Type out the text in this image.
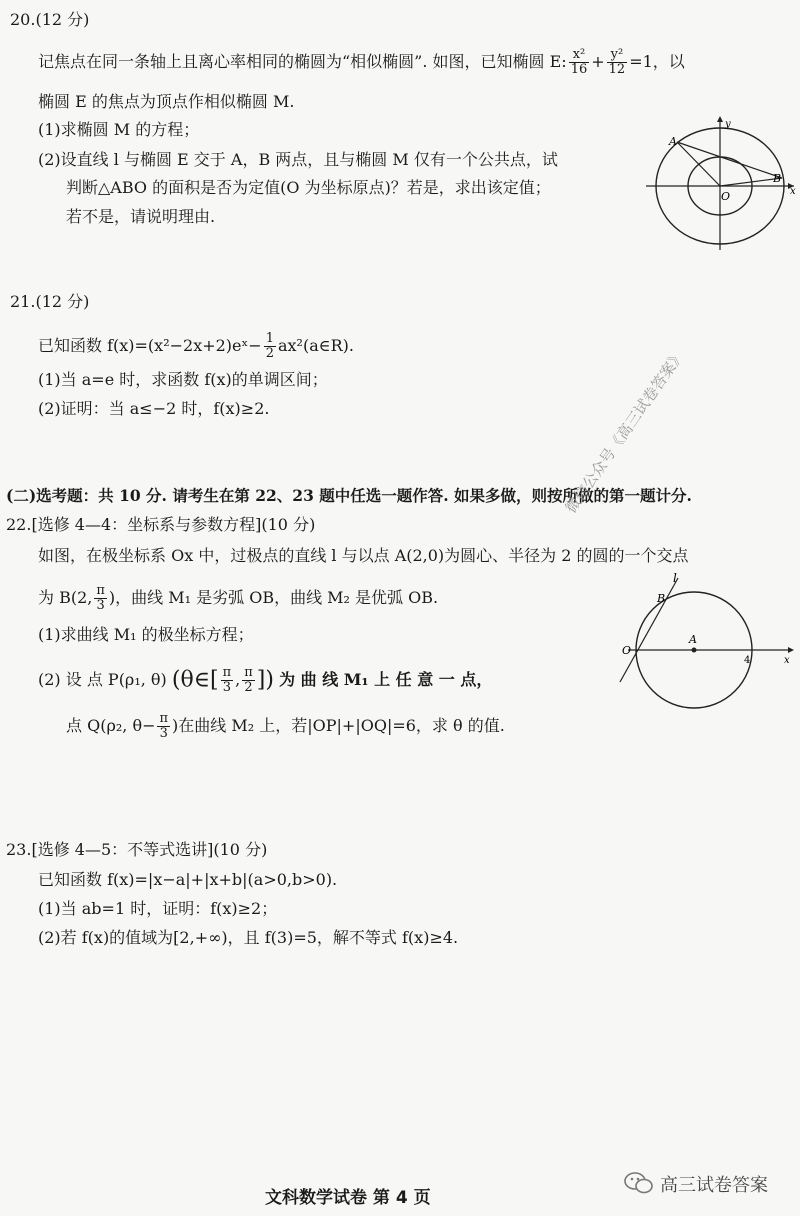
20.(12 分)
记焦点在同一条轴上且离心率相同的椭圆为“相似椭圆”. 如图，已知椭圆 E: $\frac{\text{x²}}{16} + \frac{\text{y²}}{12} =1$，以
椭圆 E 的焦点为顶点作相似椭圆 M.
(1)求椭圆 M 的方程；
(2)设直线 l 与椭圆 E 交于 A，B 两点，且与椭圆 M 仅有一个公共点，试
判断△ABO 的面积是否为定值(O 为坐标原点)？若是，求出该定值；
若不是，请说明理由.
A
B
O	x
y
21.(12 分)
已知函数 f(x)=(x²−2x+2)eˣ− $\frac{1}{2}$ ax²(a∈R).
(1)当 a=e 时，求函数 f(x)的单调区间；
(2)证明：当 a≤−2 时，f(x)≥2.
(二)选考题：共 10 分. 请考生在第 22、23 题中任选一题作答. 如果多做，则按所做的第一题计分.
22.[选修 4—4：坐标系与参数方程](10 分)
如图，在极坐标系 Ox 中，过极点的直线 l 与以点 A(2,0)为圆心、半径为 2 的圆的一个交点
为 B(2, $\frac{\pi}{3}$ )，曲线 M₁ 是劣弧 OB，曲线 M₂ 是优弧 OB.
(1)求曲线 M₁ 的极坐标方程；
(2) 设 点 P(ρ₁, θ) (θ∈[ $\frac{\pi}{3}$ , $\frac{\pi}{2}$ ]) 为 曲 线 M₁ 上 任 意 一 点，
点 Q(ρ₂, $\theta- \frac{\pi}{3}$ )在曲线 M₂ 上，若|OP|+|OQ|=6，求 θ 的值.
l
B
O
A
4	x
微信公众号《高三试卷答案》
23.[选修 4—5：不等式选讲](10 分)
已知函数 f(x)=|x−a|+|x+b|(a>0,b>0).
(1)当 ab=1 时，证明：f(x)≥2；
(2)若 f(x)的值域为[2,+∞)，且 f(3)=5，解不等式 f(x)≥4.
文科数学试卷 第 4 页
高三试卷答案
